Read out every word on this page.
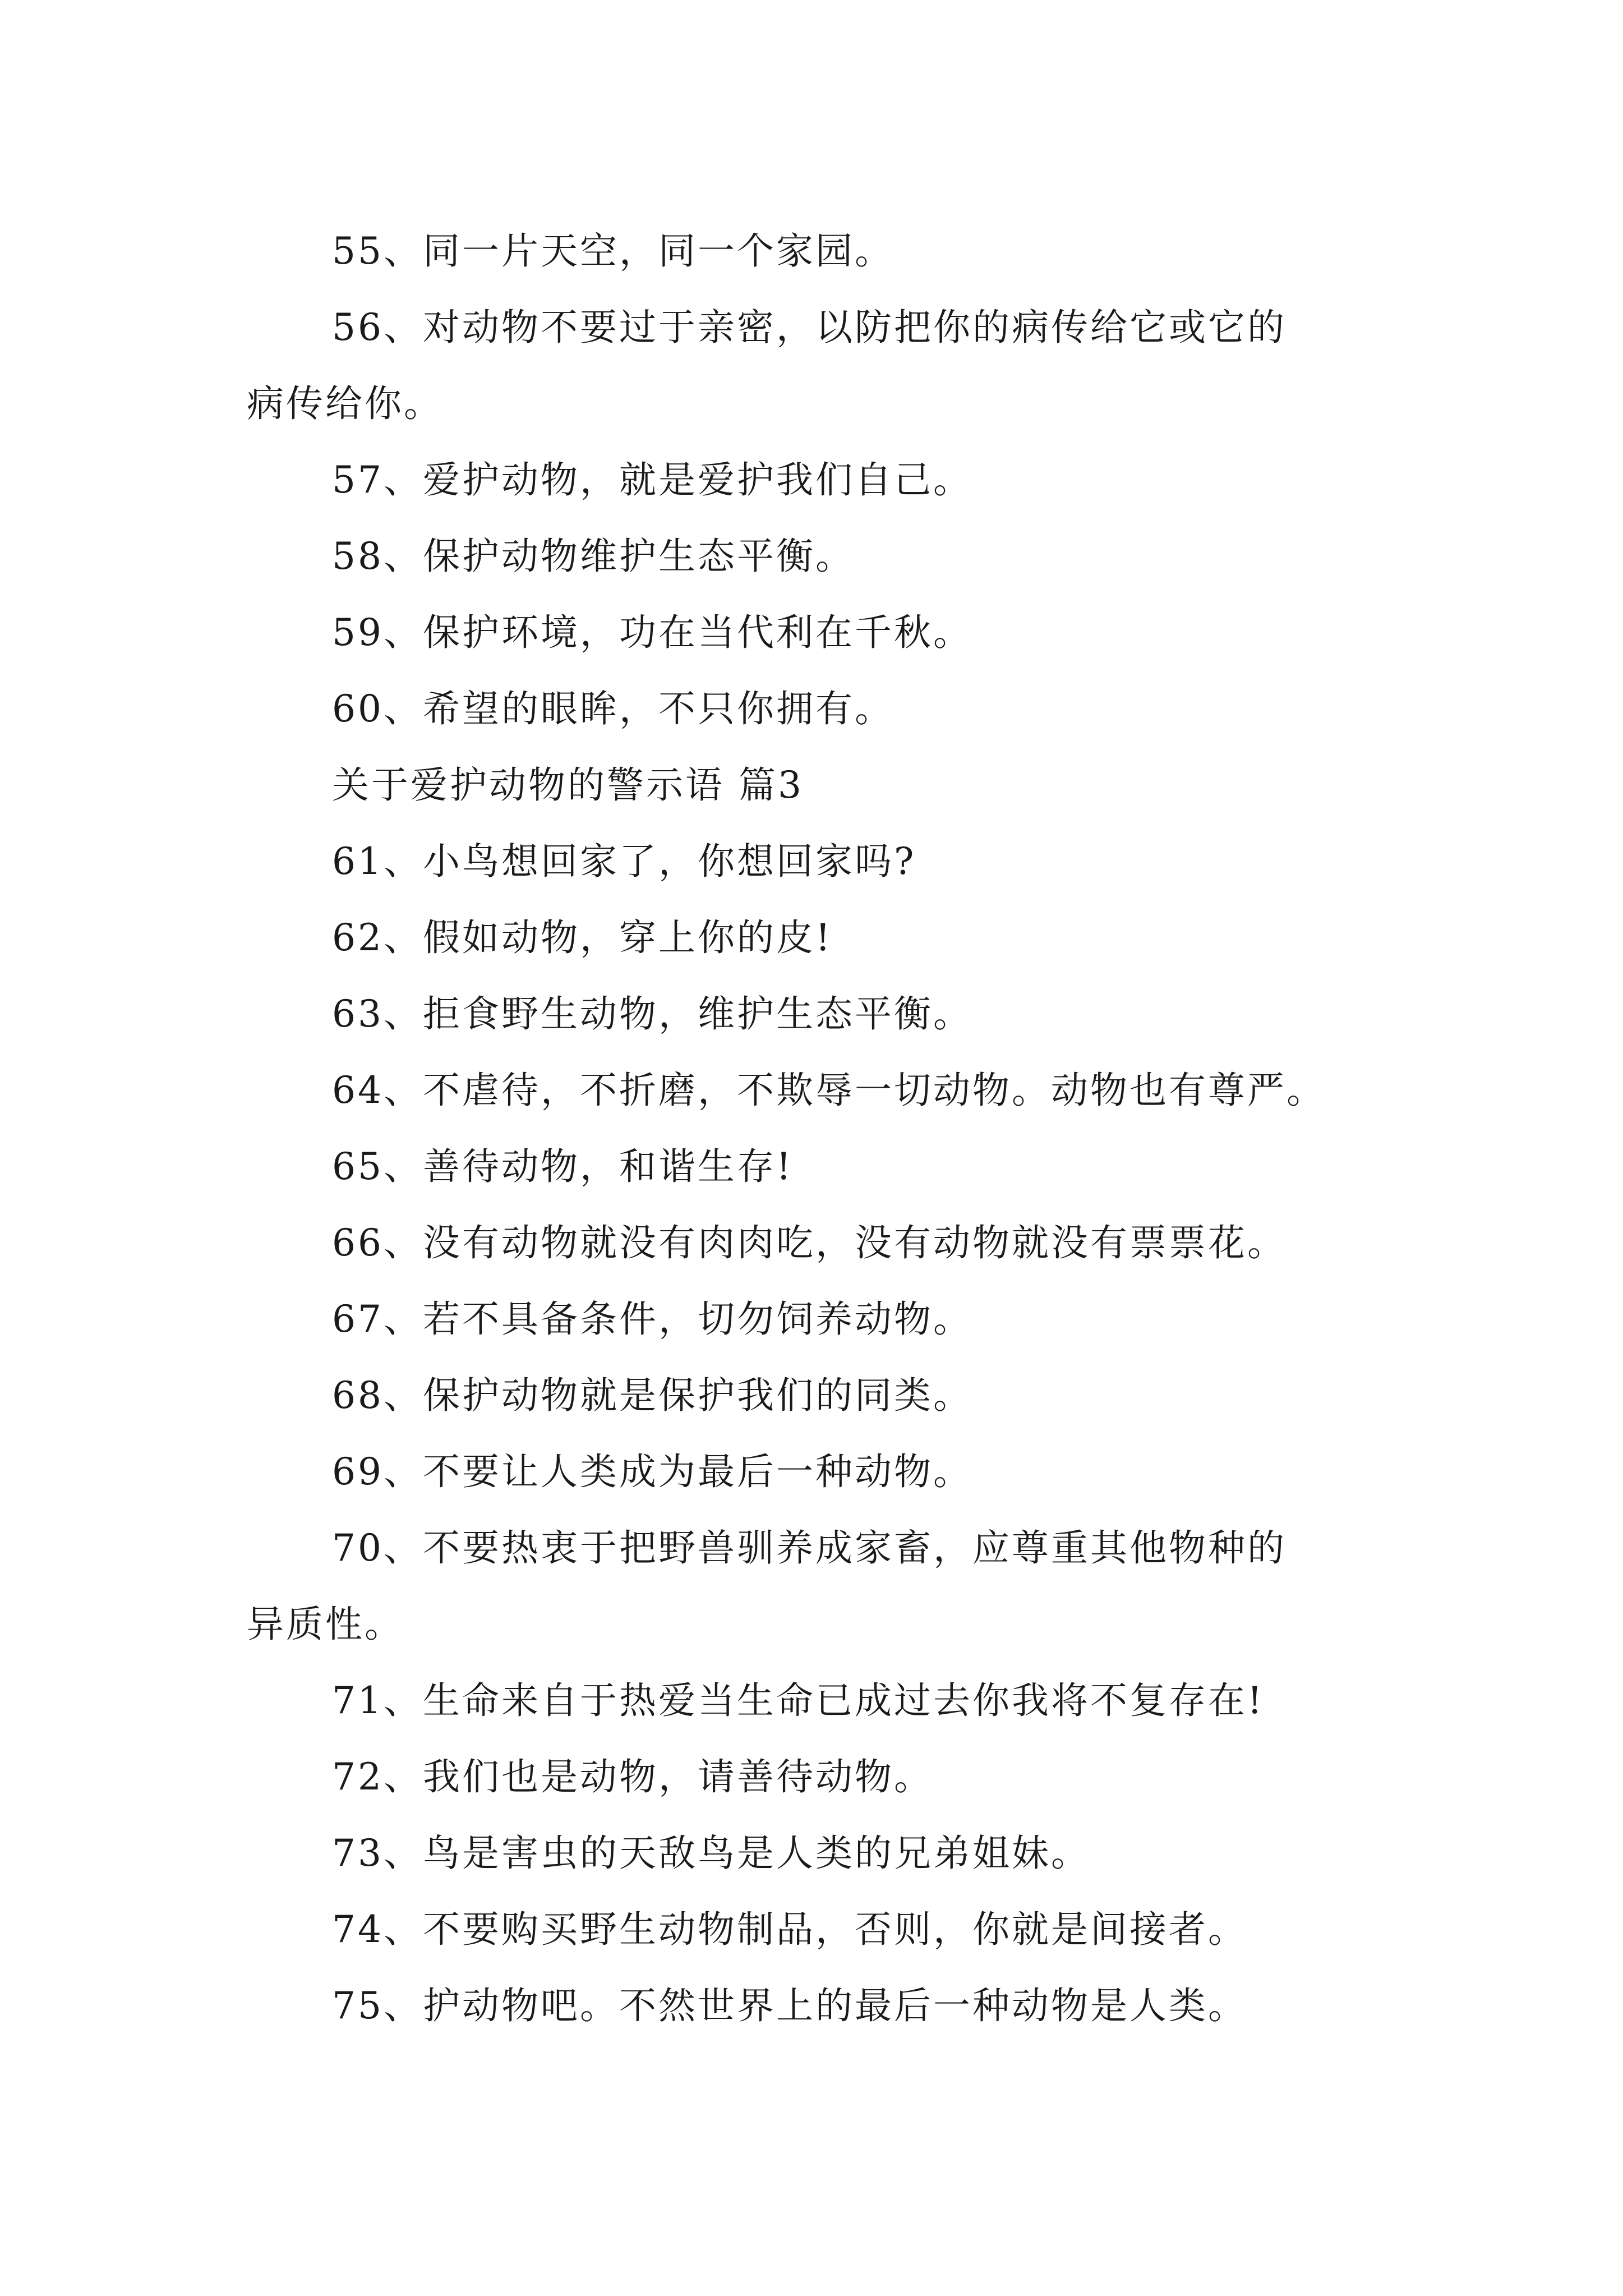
55、同一片天空，同一个家园。

56、对动物不要过于亲密，以防把你的病传给它或它的

病传给你。

57、爱护动物，就是爱护我们自己。

58、保护动物维护生态平衡。

59、保护环境，功在当代利在千秋。

60、希望的眼眸，不只你拥有。

关于爱护动物的警示语 篇3

61、小鸟想回家了，你想回家吗?

62、假如动物，穿上你的皮!

63、拒食野生动物，维护生态平衡。

64、不虐待，不折磨，不欺辱一切动物。动物也有尊严。

65、善待动物，和谐生存!

66、没有动物就没有肉肉吃，没有动物就没有票票花。

67、若不具备条件，切勿饲养动物。

68、保护动物就是保护我们的同类。

69、不要让人类成为最后一种动物。

70、不要热衷于把野兽驯养成家畜，应尊重其他物种的

异质性。

71、生命来自于热爱当生命已成过去你我将不复存在!

72、我们也是动物，请善待动物。

73、鸟是害虫的天敌鸟是人类的兄弟姐妹。

74、不要购买野生动物制品，否则，你就是间接者。

75、护动物吧。不然世界上的最后一种动物是人类。
